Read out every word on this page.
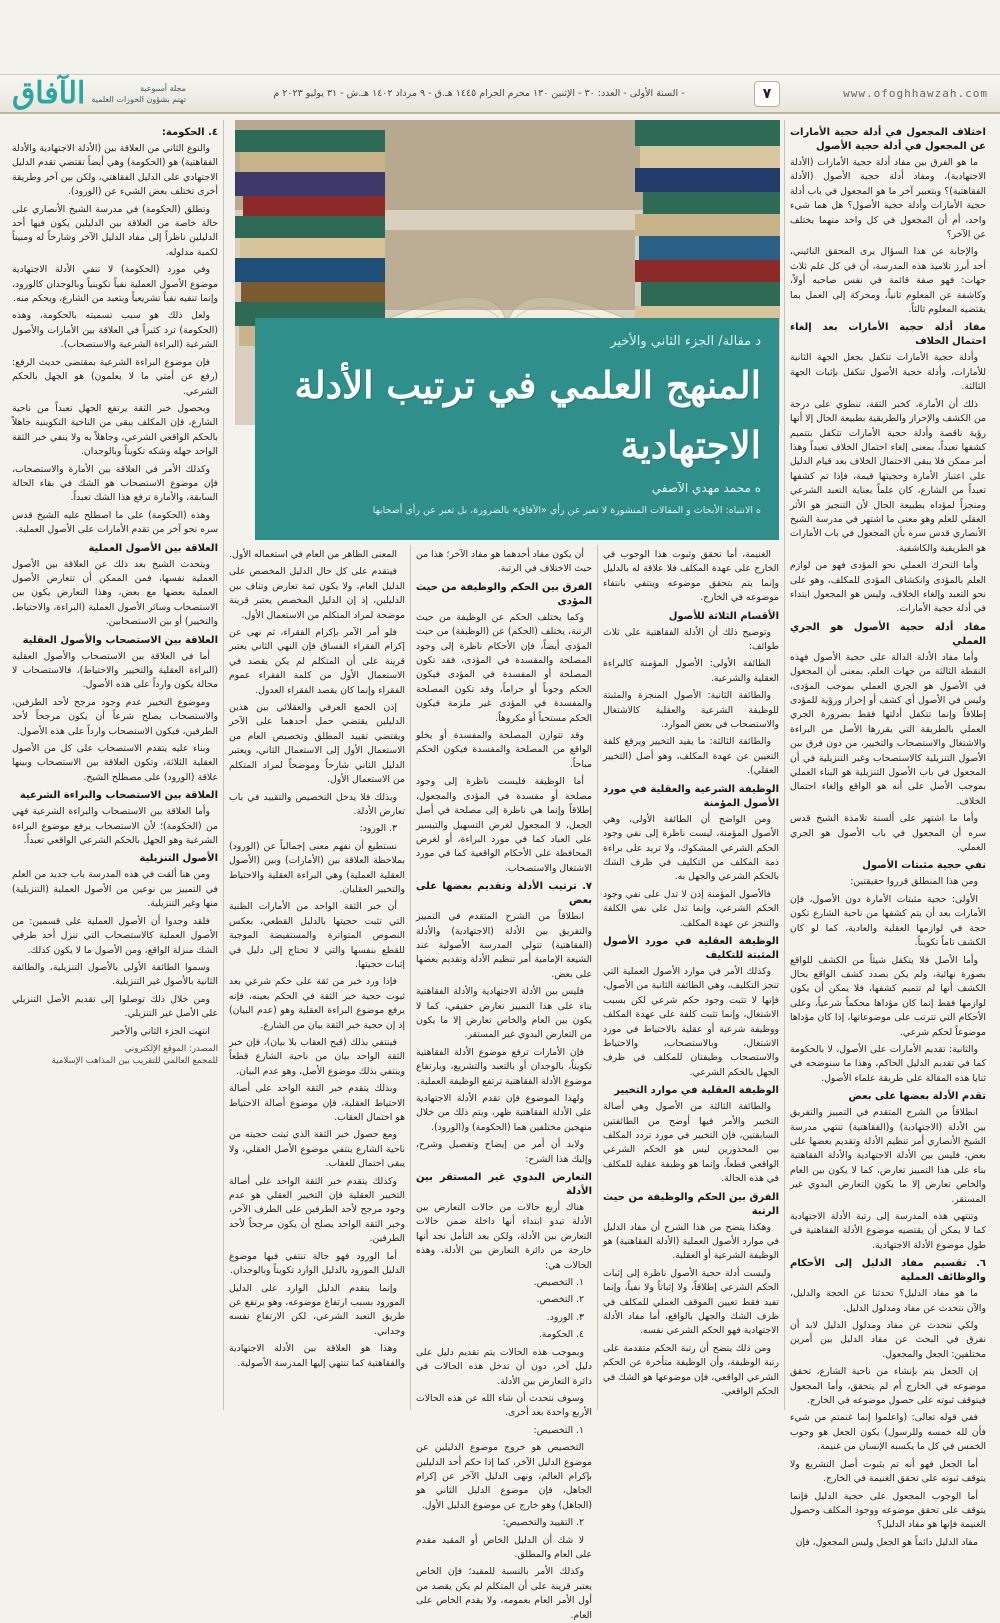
الآفاق	مجلة أسبوعية
تهتم بشؤون الحوزات العلمية	- السنة الأولى - العدد: ٣٠ - الإثنين ١٣٠ محرم الحرام ١٤٤٥ هـ.ق - ٩ مرداد ١٤٠٢ هـ.ش - ٣١ يوليو ٢٠٢٣ م	٧	www.ofoghhawzah.com
د مقالة/ الجزء الثاني والأخير
المنهج العلمي في ترتيب الأدلة الاجتهادية
ه محمد مهدي الآصفي
ه الانتباه: الأبحاث و المقالات المنشورة لا تعبر عن رأي «الآفاق» بالضرورة، بل تعبر عن رأي أصحابها
اختلاف المجعول في أدلة حجية الأمارات عن المجعول في أدلة حجية الأصول

ما هو الفرق بين مفاد أدلة حجية الأمارات (الأدلة الاجتهادية)، ومفاد أدلة حجية الأصول (الأدلة الفقاهتية)؟ وبتعبير آخر ما هو المجعول في باب أدلة حجية الأمارات وأدلة حجية الأصول؟ هل هما شيء واحد، أم أن المجعول في كل واحد منهما يختلف عن الآخر؟

والإجابة عن هذا السؤال يرى المحقق النائيني، أحد أبرز تلاميذ هذه المدرسة، أن في كل علم ثلاث جهات: فهو صفة قائمة في نفس صاحبه أولاً، وكاشفة عن المعلوم ثانياً، ومحركة إلى العمل بما يقتضيه المعلوم ثالثاً.

مفاد أدلة حجية الأمارات بعد إلغاء احتمال الخلاف

وأدلة حجية الأمارات تتكفل بجعل الجهة الثانية للأمارات، وأدلة حجية الأصول تتكفل بإثبات الجهة الثالثة.

ذلك أن الأمارة، كخبر الثقة، تنطوي على درجة من الكشف والإحراز والطريقية بطبيعة الحال إلا أنها رؤية ناقصة وأدلة حجية الأمارات تتكفل بتتميم كشفها تعبداً، بمعنى إلغاء احتمال الخلاف تعبداً وهذا أمر ممكن فلا يبقى الاحتمال الخلاف بعد قيام الدليل على اعتبار الأمارة وحجيتها قيمة، فإذا تم كشفها تعبداً من الشارع، كان علماً بعناية التعبد الشرعي ومنجزاً لمؤداه بطبيعة الحال لأن التنجيز هو الأثر العقلي للعلم وهو معنى ما اشتهر في مدرسة الشيخ الأنصاري قدس سره بأن المجعول في باب الأمارات هو الطريقية والكاشفية.

وأما التحرك العملي نحو المؤدى فهو من لوازم العلم بالمؤدى وانكشاف المؤدى للمكلف، وهو على نحو التعبد وإلغاء الخلاف، وليس هو المجعول ابتداء في أدلة حجية الأمارات.

مفاد أدلة حجية الأصول هو الجري العملي

وأما مفاد الأدلة الدالة على حجية الأصول فهذه النقطة الثالثة من جهات العلم، بمعنى أن المجعول في الأصول هو الجري العملي بموجب المؤدى، وليس في الأصول أي كشف أو إحراز ورؤية للمؤدى إطلاقاً وإنما تتكفل أدلتها فقط بضرورة الجري العملي بالطريقة التي يقررها الأصل من البراءة والاشتغال والاستصحاب والتخيير، من دون فرق بين الأصول التنزيلية كالاستصحاب وغير التنزيلية في أن المجعول في باب الأصول التنزيلية هو البناء العملي بموجب الأصل على أنه هو الواقع وإلغاء احتمال الخلاف.

وأما ما اشتهر على ألسنة تلامذة الشيخ قدس سره أن المجعول في باب الأصول هو الجري العملي.

نفي حجية مثبتات الأصول

ومن هذا المنطلق قرروا حقيقتين:

الأولى: حجية مثبتات الأمارة دون الأصول، فإن الأمارات بعد أن يتم كشفها من ناحية الشارع تكون حجة في لوازمها العقلية والعادية، كما لو كان الكشف تاماً تكويناً.

وأما الأصل فلا يتكفل شيئاً من الكشف للواقع بصورة نهائية، ولم يكن بصدد كشف الواقع بحال الكشف أنها لم تتميم كشفها، فلا يمكن أن يكون لوازمها فقط إنما كان مؤداها محكماً شرعياً، وعلى الأحكام التي تترتب على موضوعاتها، إذا كان مؤداها موضوعاً لحكم شرعي.

والثانية: تقديم الأمارات على الأصول، لا بالحكومة كما في تقديم الدليل الحاكم، وهذا ما سنوضحه في ثنايا هذه المقالة على طريقة علماء الأصول.

تقدم الأدلة بعضها على بعض

انطلاقاً من الشرح المتقدم في التمييز والتفريق بين الأدلة (الاجتهادية) و(الفقاهتية) تنتهي مدرسة الشيخ الأنصاري أمر تنظيم الأدلة وتقديم بعضها على بعض، فليس بين الأدلة الاجتهادية والأدلة الفقاهتية بناء على هذا التمييز تعارض، كما لا يكون بين العام والخاص تعارض إلا ما يكون التعارض البدوي غير المستقر.

وتنتهي هذه المدرسة إلى رتبة الأدلة الاجتهادية كما لا يمكن أن يقتضيه موضوع الأدلة الفقاهتية في طول موضوع الأدلة الاجتهادية.

٦. تقسيم مفاد الدليل إلى الأحكام والوظائف العملية

ما هو مفاد الدليل؟ تحدثنا عن الحجة والدليل، والآن نتحدث عن مفاد ومدلول الدليل.

ولكي نتحدث عن مفاد ومدلول الدليل لابد أن نفرق في البحث عن مفاد الدليل بين أمرين مختلفين: الجعل والمجعول.

إن الجعل يتم بإنشاء من ناحية الشارع، تحقق موضوعه في الخارج أم لم يتحقق، وأما المجعول فيتوقف ثبوته على حصول موضوعه في الخارج.

ففي قوله تعالى: (واعلموا إنما غنمتم من شيء فأن لله خمسه وللرسول) يكون الجعل هو وجوب الخمس في كل ما يكسبه الإنسان من غنيمة.

أما الجعل فهو أنه تم بثبوت أصل التشريع ولا يتوقف ثبوته على تحقق الغنيمة في الخارج.

أما الوجوب المجعول على حجية الدليل فإنما يتوقف على تحقق موضوعه ووجود المكلف وحصول الغنيمة فإنها هو مفاد الدليل؟

مفاد الدليل دائماً هو الجعل وليس المجعول، فإن

الغنيمة، أما تحقق وثبوت هذا الوجوب في الخارج على عهدة المكلف فلا علاقة له بالدليل وإنما يتم بتحقق موضوعه وينتفي بانتفاء موضوعه في الخارج.

الأقسام الثلاثة للأصول

وتوضيح ذلك أن الأدلة الفقاهتية على ثلاث طوائف:

الطائفة الأولى: الأصول المؤمنة كالبراءة العقلية والشرعية.

والطائفة الثانية: الأصول المنجزة والمثبتة للوظيفة الشرعية والعقلية كالاشتغال والاستصحاب في بعض الموارد.

والطائفة الثالثة: ما يفيد التخيير ويرفع كلفة التعيين عن عهدة المكلف، وهو أصل (التخيير العقلي).

الوظيفة الشرعية والعقلية في مورد الأصول المؤمنة

ومن الواضح أن الطائفة الأولى، وهي الأصول المؤمنة، ليست ناظرة إلى نفي وجود الحكم الشرعي المشكوك، ولا تريد على براءة ذمة المكلف من التكليف في ظرف الشك بالحكم الشرعي والجهل به.

فالأصول المؤمنة إذن لا تدل على نفي وجود الحكم الشرعي، وإنما تدل على نفي الكلفة والتنجز عن عهدة المكلف.

الوظيفة العقلية في مورد الأصول المثبتة للتكليف

وكذلك الأمر في موارد الأصول العملية التي تنجز التكليف، وهي الطائفة الثانية من الأصول، فإنها لا تثبت وجود حكم شرعي لكن بسبب الاشتغال، وإنما تثبت كلفة على عهدة المكلف ووظيفة شرعية أو عقلية بالاحتياط في مورد الاشتغال، وبالاستصحاب، والاحتياط والاستصحاب وظيفتان للمكلف في ظرف الجهل بالحكم الشرعي.

الوظيفة العقلية في موارد التخيير

والطائفة الثالثة من الأصول وهي أصالة التخيير والأمر فيها أوضح من الطائفتين السابقتين، فإن التخيير في مورد تردد المكلف بين المحذورين ليس هو الحكم الشرعي الواقعي قطعاً، وإنما هو وظيفة عقلية للمكلف في هذه الحالة.

الفرق بين الحكم والوظيفة من حيث الرتبة

وهكذا يتضح من هذا الشرح أن مفاد الدليل في موارد الأصول العملية (الأدلة الفقاهتية) هو الوظيفة الشرعية أو العقلية.

وليست أدلة حجية الأصول ناظرة إلى إثبات الحكم الشرعي إطلاقاً، ولا إثباتاً ولا نفياً، وإنما تفيد فقط تعيين الموقف العملي للمكلف في ظرف الشك والجهل بالواقع، أما مفاد الأدلة الاجتهادية فهو الحكم الشرعي نفسه.

ومن ذلك يتضح أن رتبة الحكم متقدمة على رتبة الوظيفة، وأن الوظيفة متأخرة عن الحكم الشرعي الواقعي، فإن موضوعها هو الشك في الحكم الواقعي.

أن يكون مفاد أحدهما هو مفاد الآخر؛ هذا من حيث الاختلاف في الرتبة.

الفرق بين الحكم والوظيفة من حيث المؤدى

وكما يختلف الحكم عن الوظيفة من حيث الرتبة، يختلف (الحكم) عن (الوظيفة) من حيث المؤدى أيضاً، فإن الأحكام ناظرة إلى وجود المصلحة والمفسدة في المؤدى، فقد تكون المصلحة أو المفسدة في المؤدى فيكون الحكم وجوباً أو حراماً، وقد تكون المصلحة والمفسدة في المؤدى غير ملزمة فيكون الحكم مستحباً أو مكروهاً.

وقد تتوازن المصلحة والمفسدة أو يخلو الواقع من المصلحة والمفسدة فيكون الحكم مباحاً.

أما الوظيفة فليست ناظرة إلى وجود مصلحة أو مفسدة في المؤدى والمجعول، إطلاقاً وإنما هي ناظرة إلى مصلحة في أصل الجعل، لا المجعول لغرض التسهيل والتيسير على العباد كما في مورد البراءة، أو لغرض المحافظة على الأحكام الواقعية كما في مورد الاشتغال والاستصحاب.

٧. ترتيب الأدلة وتقديم بعضها على بعض

انطلاقاً من الشرح المتقدم في التمييز والتفريق بين الأدلة (الاجتهادية) والأدلة (الفقاهتية) تتولى المدرسة الأصولية عند الشيعة الإمامية أمر تنظيم الأدلة وتقديم بعضها على بعض.

فليس بين الأدلة الاجتهادية والأدلة الفقاهتية بناء على هذا التمييز تعارض حقيقي، كما لا يكون بين العام والخاص تعارض إلا ما يكون من التعارض البدوي غير المستقر.

فإن الأمارات ترفع موضوع الأدلة الفقاهتية تكويناً، بالوجدان أو بالتعبد والتشريع، وبارتفاع موضوع الأدلة الفقاهتية ترتفع الوظيفة العملية.

ولهذا الموضوع فإن تقدم الأدلة الاجتهادية على الأدلة الفقاهتية ظهر، ويتم ذلك من خلال منهجين مختلفين هما (الحكومة) و(الورود).

ولابد أن أمر من إيضاح وتفصيل وشرح، وإليك هذا الشرح:

التعارض البدوي غير المستقر بين الأدلة

هناك أربع حالات من حالات التعارض بين الأدلة تبدو ابتداء أنها داخلة ضمن حالات التعارض بين الأدلة، ولكن بعد التأمل نجد أنها خارجة من دائرة التعارض بين الأدلة، وهذه الحالات هي:

١. التخصيص.

٢. التخصص.

٣. الورود.

٤. الحكومة.

وبموجب هذه الحالات يتم تقديم دليل على دليل آخر، دون أن تدخل هذه الحالات في دائرة التعارض بين الأدلة.

وسوف نتحدث أن شاء الله عن هذه الحالات الأربع واحدة بعد أخرى.

١. التخصيص:

التخصيص هو خروج موضوع الدليلين عن موضوع الدليل الآخر، كما إذا حكم أحد الدليلين بإكرام العالم، ونهى الدليل الآخر عن إكرام الجاهل، فإن موضوع الدليل الثاني هو (الجاهل) وهو خارج عن موضوع الدليل الأول.

٢. التقييد والتخصيص:

لا شك أن الدليل الخاص أو المقيد مقدم على العام والمطلق.

وكذلك الأمر بالنسبة للمقيد؛ فإن الخاص يعتبر قرينة على أن المتكلم لم يكن يقصد من أول الأمر العام بعمومه، ولا يقدم الخاص على العام.

المعنى الظاهر من العام في استعماله الأول.

فيتقدم على كل حال الدليل المخصص على الدليل العام، ولا يكون ثمة تعارض وتناف بين الدليلين، إذ إن الدليل المخصص يعتبر قرينة موضحة لمراد المتكلم من الاستعمال الأول.

فلو أمر الآمر بإكرام الفقراء، ثم نهى عن إكرام الفقراء الفساق فإن النهي الثاني يعتبر قرينة على أن المتكلم لم يكن يقصد في الاستعمال الأول من كلمة الفقراء عموم الفقراء وإنما كان يقصد الفقراء العدول.

إذن الجمع العرفي والعقلائي بين هذين الدليلين يقتضي حمل أحدهما على الآخر ويقتضي تقييد المطلق وتخصيص العام من الاستعمال الأول إلى الاستعمال الثاني، ويعتبر الدليل الثاني شارحاً وموضحاً لمراد المتكلم من الاستعمال الأول.

وبذلك فلا يدخل التخصيص والتقييد في باب تعارض الأدلة.

٣. الورود:

نستطيع أن نفهم معنى إجمالياً عن (الورود) بملاحظة العلاقة بين (الأمارات) وبين (الأصول العقلية العملية) وهي البراءة العقلية والاحتياط والتخيير العقليان.

أن خبر الثقة الواحد من الأمارات الظنية التي تثبت حجيتها بالدليل القطعي، بعكس النصوص المتواترة والمستفيضة الموجبة للقطع بنفسها والتي لا تحتاج إلى دليل في إثبات حجيتها.

فإذا ورد خبر من ثقة على حكم شرعي بعد ثبوت حجية خبر الثقة في الحكم بعينه، فإنه يرفع موضوع البراءة العقلية وهو (عدم البيان) إذ إن حجية خبر الثقة بيان من الشارع.

فينتفي بذلك (قبح العقاب بلا بيان)، فإن خبر الثقة الواحد بيان من ناحية الشارع قطعاً وينتفي بذلك موضوع الأصل، وهو عدم البيان.

وبذلك يتقدم خبر الثقة الواحد على أصالة الاحتياط العقلية، فإن موضوع أصالة الاحتياط هو احتمال العقاب.

ومع حصول خبر الثقة الذي ثبتت حجيته من ناحية الشارع ينتفي موضوع الأصل العقلي، ولا يبقى احتمال للعقاب.

وكذلك يتقدم خبر الثقة الواحد على أصالة التخيير العقلية فإن التخيير العقلي هو عدم وجود مرجح لأحد الطرفين على الطرف الآخر، وخبر الثقة الواحد يصلح أن يكون مرجحاً لأحد الطرفين.

أما الورود فهو حالة تنتفي فيها موضوع الدليل المورود بالدليل الوارد تكويناً وبالوجدان.

وإنما يتقدم الدليل الوارد على الدليل المورود بسبب ارتفاع موضوعه، وهو يرتفع عن طريق التعبد الشرعي، لكن الارتفاع نفسه وجداني.

وهذا هو العلاقة بين الأدلة الاجتهادية والفقاهتية كما تنتهي إليها المدرسة الأصولية.

٤. الحكومة:

والنوع الثاني من العلاقة بين (الأدلة الاجتهادية والأدلة الفقاهتية) هو (الحكومة) وهي أيضاً تقتضي تقدم الدليل الاجتهادي على الدليل الفقاهتي، ولكن بين آخر وطريقة أخرى تختلف بعض الشيء عن (الورود).

وتطلق (الحكومة) في مدرسة الشيخ الأنصاري على حالة خاصة من العلاقة بين الدليلين يكون فيها أحد الدليلين ناظراً إلى مفاد الدليل الآخر وشارحاً له ومبيناً لكمية مدلوله.

وفي مورد (الحكومة) لا تنفي الأدلة الاجتهادية موضوع الأصول العملية نفياً تكوينياً وبالوجدان كالورود، وإنما تنفيه نفياً تشريعياً وبتعبد من الشارع، ويحكم منه.

ولعل ذلك هو سبب تسميته بالحكومة، وهذه (الحكومة) ترد كثيراً في العلاقة بين الأمارات والأصول الشرعية (البراءة الشرعية والاستصحاب).

فإن موضوع البراءة الشرعية بمقتضى حديث الرفع: (رفع عن أمتي ما لا يعلمون) هو الجهل بالحكم الشرعي.

وبحصول خبر الثقة يرتفع الجهل تعبداً من ناحية الشارع، فإن المكلف يبقى من الناحية التكوينية جاهلاً بالحكم الواقعي الشرعي، وجاهلاً به ولا ينفي خبر الثقة الواحد جهله وشكه تكويناً وبالوجدان.

وكذلك الأمر في العلاقة بين الأمارة والاستصحاب، فإن موضوع الاستصحاب هو الشك في بقاء الحالة السابقة، والأمارة ترفع هذا الشك تعبداً.

وهذه (الحكومة) على ما اصطلح عليه الشيخ قدس سره نحو آخر من تقدم الأمارات على الأصول العملية.

العلاقة بين الأصول العملية

ويتحدث الشيخ بعد ذلك عن العلاقة بين الأصول العملية نفسها، فمن الممكن أن تتعارض الأصول العملية بعضها مع بعض، وهذا التعارض يكون بين الاستصحاب وسائر الأصول العملية (البراءة، والاحتياط، والتخيير) أو بين الاستصحابين.

العلاقة بين الاستصحاب والأصول العقلية

أما في العلاقة بين الاستصحاب والأصول العقلية (البراءة العقلية والتخيير والاحتياط)، فالاستصحاب لا محالة يكون وارداً على هذه الأصول.

وموضوع التخيير عدم وجود مرجح لأحد الطرفين، والاستصحاب يصلح شرعاً أن يكون مرجحاً لأحد الطرفين، فيكون الاستصحاب وارداً على هذه الأصول.

وبناء عليه يتقدم الاستصحاب على كل من الأصول العقلية الثلاثة، وتكون العلاقة بين الاستصحاب وبينها علاقة (الورود) على مصطلح الشيخ.

العلاقة بين الاستصحاب والبراءة الشرعية

وأما العلاقة بين الاستصحاب والبراءة الشرعية فهي من (الحكومة)؛ لأن الاستصحاب يرفع موضوع البراءة الشرعية وهو الجهل بالحكم الشرعي الواقعي تعبداً.

الأصول التنزيلية

ومن هنا ألقت في هذه المدرسة باب جديد من العلم في التمييز بين نوعين من الأصول العملية (التنزيلية) منها وغير التنزيلية.

فلقد وجدوا أن الأصول العملية على قسمين: من الأصول العملية كالاستصحاب التي تنزل أحد طرفي الشك منزلة الواقع، ومن الأصول ما لا يكون كذلك.

وسموا الطائفة الأولى بالأصول التنزيلية، والطائفة الثانية بالأصول غير التنزيلية.

ومن خلال ذلك توصلوا إلى تقديم الأصل التنزيلي على الأصل غير التنزيلي.

انتهت الجزء الثاني والأخير

المصدر: الموقع الإلكتروني
للمجمع العالمي للتقريب بين المذاهب الإسلامية
